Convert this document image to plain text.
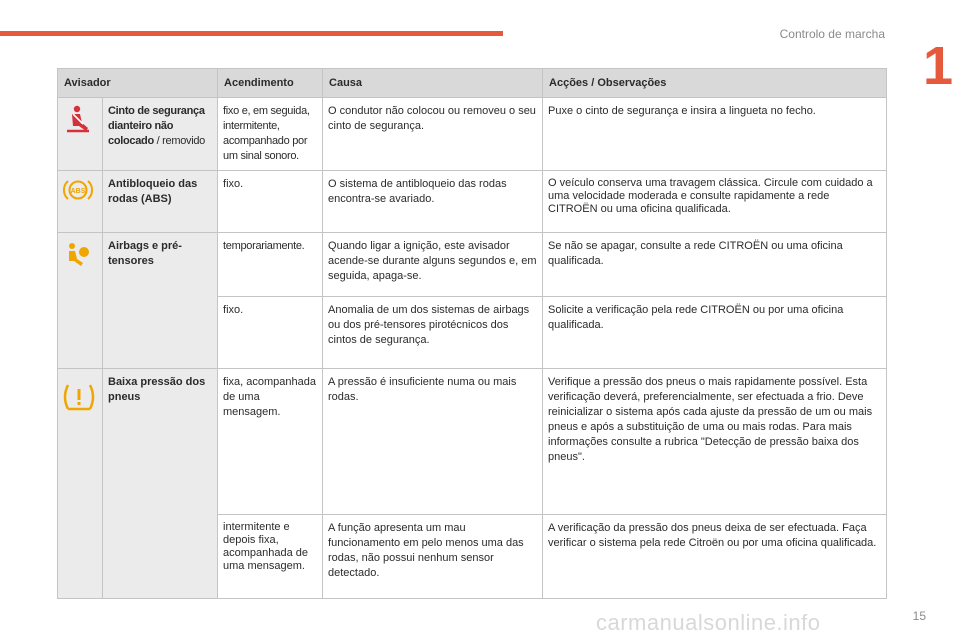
Controlo de marcha
1
Avisador		Acendimento	Causa	Acções / Observações
	Cinto de segurança dianteiro não colocado / removido	fixo e, em seguida, intermitente, acompanhado por um sinal sonoro.	O condutor não colocou ou removeu o seu cinto de segurança.	Puxe o cinto de segurança e insira a lingueta no fecho.

ABS	Antibloqueio das rodas (ABS)	fixo.	O sistema de antibloqueio das rodas encontra-se avariado.	O veículo conserva uma travagem clássica. Circule com cuidado a uma velocidade moderada e consulte rapidamente a rede CITROËN ou uma oficina qualificada.
	Airbags e pré-tensores	temporariamente.	Quando ligar a ignição, este avisador acende-se durante alguns segundos e, em seguida, apaga-se.	Se não se apagar, consulte a rede CITROËN ou uma oficina qualificada.
		fixo.	Anomalia de um dos sistemas de airbags ou dos pré-tensores pirotécnicos dos cintos de segurança.	Solicite a verificação pela rede CITROËN ou por uma oficina qualificada.
	Baixa pressão dos pneus	fixa, acompanhada de uma mensagem.	A pressão é insuficiente numa ou mais rodas.	Verifique a pressão dos pneus o mais rapidamente possível. Esta verificação deverá, preferencialmente, ser efectuada a frio. Deve reinicializar o sistema após cada ajuste da pressão de um ou mais pneus e após a substituição de uma ou mais rodas. Para mais informações consulte a rubrica "Detecção de pressão baixa dos pneus".
		intermitente e depois fixa, acompanhada de uma mensagem.	A função apresenta um mau funcionamento em pelo menos uma das rodas, não possui nenhum sensor detectado.	A verificação da pressão dos pneus deixa de ser efectuada. Faça verificar o sistema pela rede Citroën ou por uma oficina qualificada.
carmanualsonline.info	15
